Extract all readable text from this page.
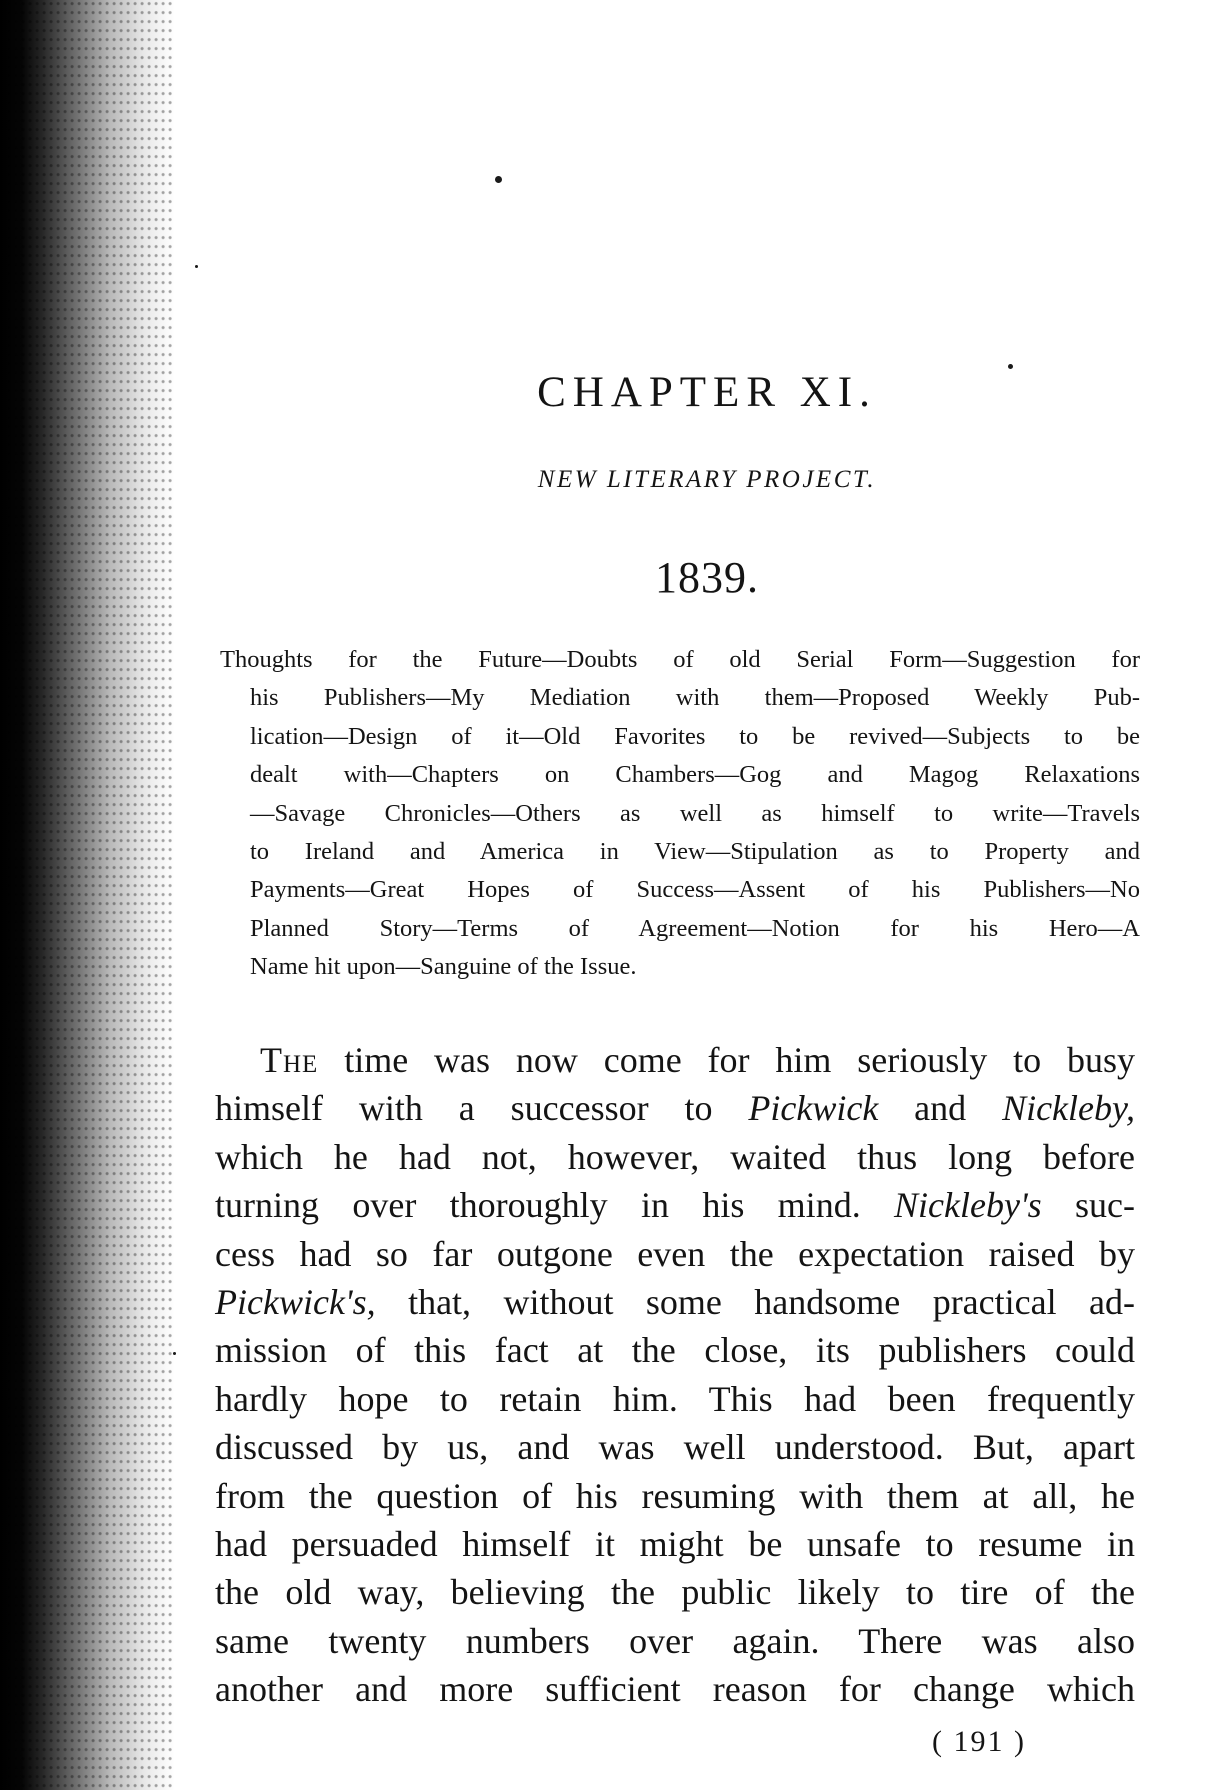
CHAPTER XI.
NEW LITERARY PROJECT.
1839.
Thoughts for the Future—Doubts of old Serial Form—Suggestion for
his Publishers—My Mediation with them—Proposed Weekly Pub-
lication—Design of it—Old Favorites to be revived—Subjects to be
dealt with—Chapters on Chambers—Gog and Magog Relaxations
—Savage Chronicles—Others as well as himself to write—Travels
to Ireland and America in View—Stipulation as to Property and
Payments—Great Hopes of Success—Assent of his Publishers—No
Planned Story—Terms of Agreement—Notion for his Hero—A
Name hit upon—Sanguine of the Issue.
The time was now come for him seriously to busy
himself with a successor to Pickwick and Nickleby,
which he had not, however, waited thus long before
turning over thoroughly in his mind. Nickleby's suc-
cess had so far outgone even the expectation raised by
Pickwick's, that, without some handsome practical ad-
mission of this fact at the close, its publishers could
hardly hope to retain him. This had been frequently
discussed by us, and was well understood. But, apart
from the question of his resuming with them at all, he
had persuaded himself it might be unsafe to resume in
the old way, believing the public likely to tire of the
same twenty numbers over again. There was also
another and more sufficient reason for change which
( 191 )
